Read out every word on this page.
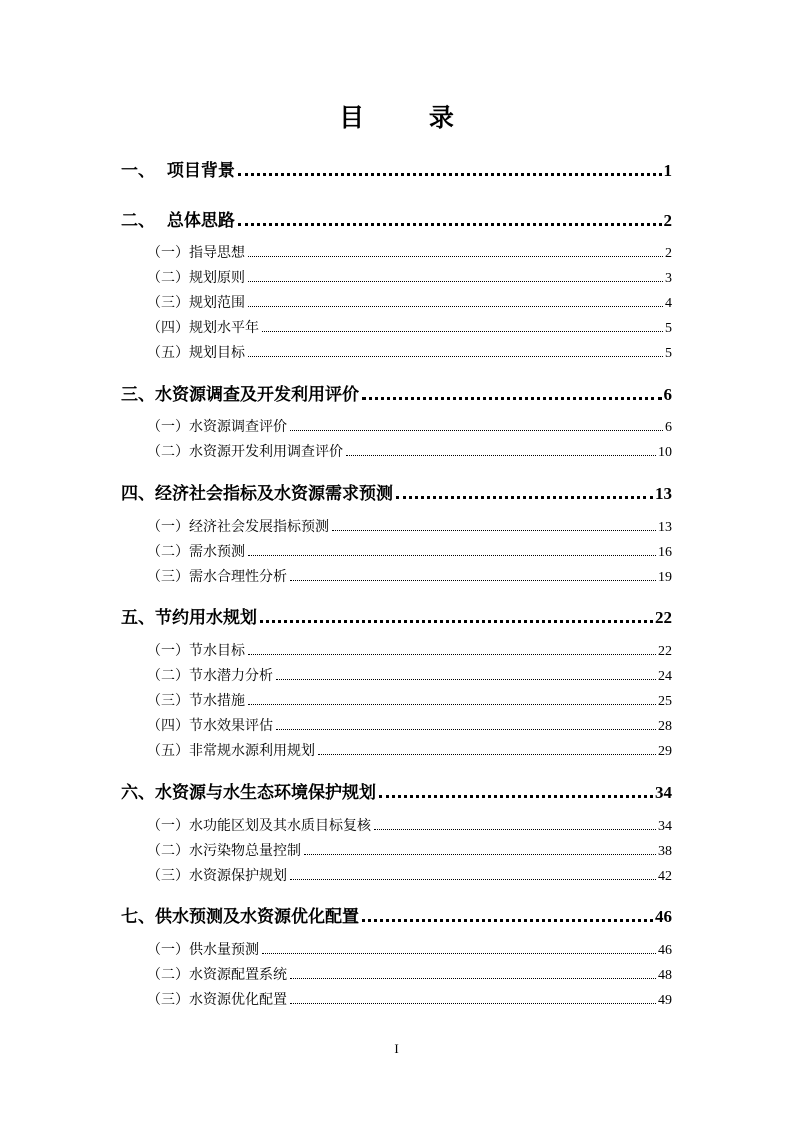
目 录
一、  项目背景	1
二、  总体思路	2
（一）指导思想	2
（二）规划原则	3
（三）规划范围	4
（四）规划水平年	5
（五）规划目标	5
三、水资源调查及开发利用评价	6
（一）水资源调查评价	6
（二）水资源开发利用调查评价	10
四、经济社会指标及水资源需求预测	13
（一）经济社会发展指标预测	13
（二）需水预测	16
（三）需水合理性分析	19
五、节约用水规划	22
（一）节水目标	22
（二）节水潜力分析	24
（三）节水措施	25
（四）节水效果评估	28
（五）非常规水源利用规划	29
六、水资源与水生态环境保护规划	34
（一）水功能区划及其水质目标复核	34
（二）水污染物总量控制	38
（三）水资源保护规划	42
七、供水预测及水资源优化配置	46
（一）供水量预测	46
（二）水资源配置系统	48
（三）水资源优化配置	49
I
